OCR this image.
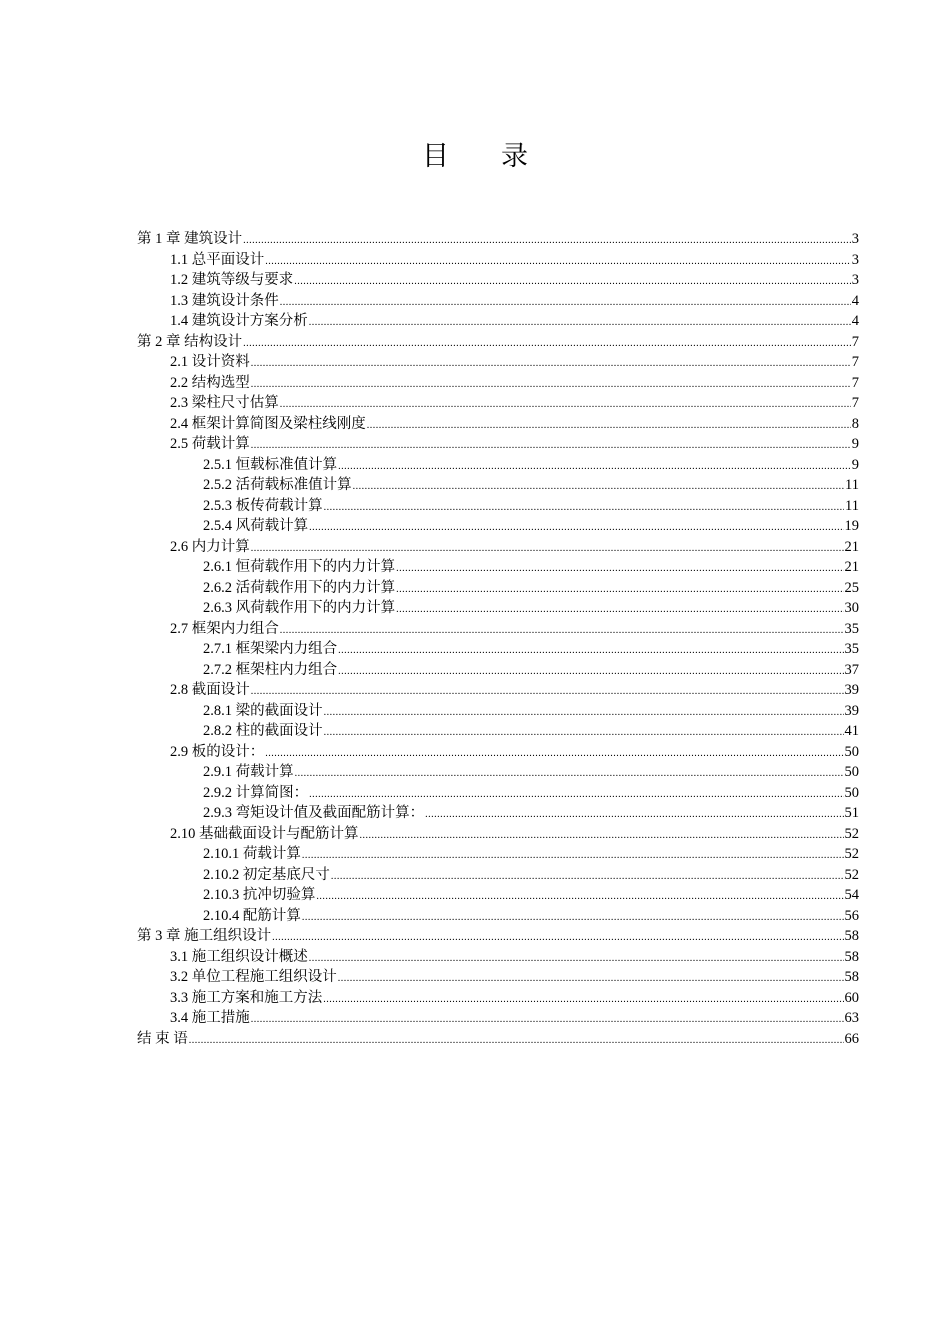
目录
第 1 章 建筑设计 .....	3
1.1 总平面设计 .....	3
1.2 建筑等级与要求 .....	3
1.3 建筑设计条件 .....	4
1.4 建筑设计方案分析 .....	4
第 2 章 结构设计 .....	7
2.1 设计资料 .....	7
2.2 结构选型 .....	7
2.3 梁柱尺寸估算 .....	7
2.4 框架计算简图及梁柱线刚度 .....	8
2.5 荷载计算 .....	9
2.5.1 恒载标准值计算 .....	9
2.5.2 活荷载标准值计算 .....	11
2.5.3 板传荷载计算 .....	11
2.5.4 风荷载计算 .....	19
2.6 内力计算 .....	21
2.6.1 恒荷载作用下的内力计算 .....	21
2.6.2 活荷载作用下的内力计算 .....	25
2.6.3 风荷载作用下的内力计算 .....	30
2.7 框架内力组合 .....	35
2.7.1 框架梁内力组合 .....	35
2.7.2 框架柱内力组合 .....	37
2.8 截面设计 .....	39
2.8.1 梁的截面设计 .....	39
2.8.2 柱的截面设计 .....	41
2.9 板的设计： .....	50
2.9.1 荷载计算 .....	50
2.9.2 计算简图： .....	50
2.9.3 弯矩设计值及截面配筋计算： .....	51
2.10 基础截面设计与配筋计算 .....	52
2.10.1 荷载计算 .....	52
2.10.2 初定基底尺寸 .....	52
2.10.3 抗冲切验算 .....	54
2.10.4 配筋计算 .....	56
第 3 章 施工组织设计 .....	58
3.1 施工组织设计概述 .....	58
3.2 单位工程施工组织设计 .....	58
3.3 施工方案和施工方法 .....	60
3.4 施工措施 .....	63
结 束 语 .....	66
